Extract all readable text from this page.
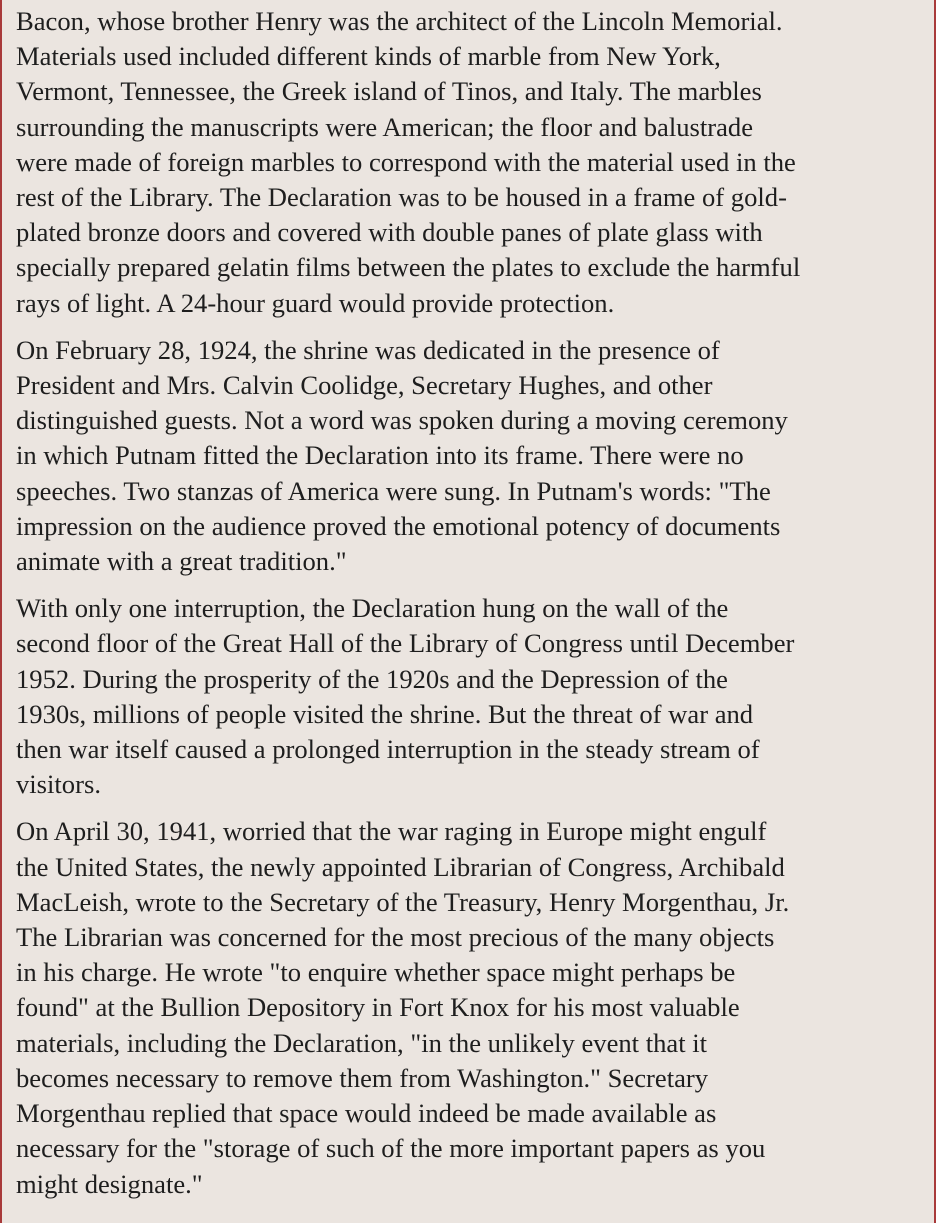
Bacon, whose brother Henry was the architect of the Lincoln Memorial.
Materials used included different kinds of marble from New York,
Vermont, Tennessee, the Greek island of Tinos, and Italy. The marbles
surrounding the manuscripts were American; the floor and balustrade
were made of foreign marbles to correspond with the material used in the
rest of the Library. The Declaration was to be housed in a frame of gold-
plated bronze doors and covered with double panes of plate glass with
specially prepared gelatin films between the plates to exclude the harmful
rays of light. A 24-hour guard would provide protection.

On February 28, 1924, the shrine was dedicated in the presence of
President and Mrs. Calvin Coolidge, Secretary Hughes, and other
distinguished guests. Not a word was spoken during a moving ceremony
in which Putnam fitted the Declaration into its frame. There were no
speeches. Two stanzas of America were sung. In Putnam's words: "The
impression on the audience proved the emotional potency of documents
animate with a great tradition."

With only one interruption, the Declaration hung on the wall of the
second floor of the Great Hall of the Library of Congress until December
1952. During the prosperity of the 1920s and the Depression of the
1930s, millions of people visited the shrine. But the threat of war and
then war itself caused a prolonged interruption in the steady stream of
visitors.

On April 30, 1941, worried that the war raging in Europe might engulf
the United States, the newly appointed Librarian of Congress, Archibald
MacLeish, wrote to the Secretary of the Treasury, Henry Morgenthau, Jr.
The Librarian was concerned for the most precious of the many objects
in his charge. He wrote "to enquire whether space might perhaps be
found" at the Bullion Depository in Fort Knox for his most valuable
materials, including the Declaration, "in the unlikely event that it
becomes necessary to remove them from Washington." Secretary
Morgenthau replied that space would indeed be made available as
necessary for the "storage of such of the more important papers as you
might designate."
